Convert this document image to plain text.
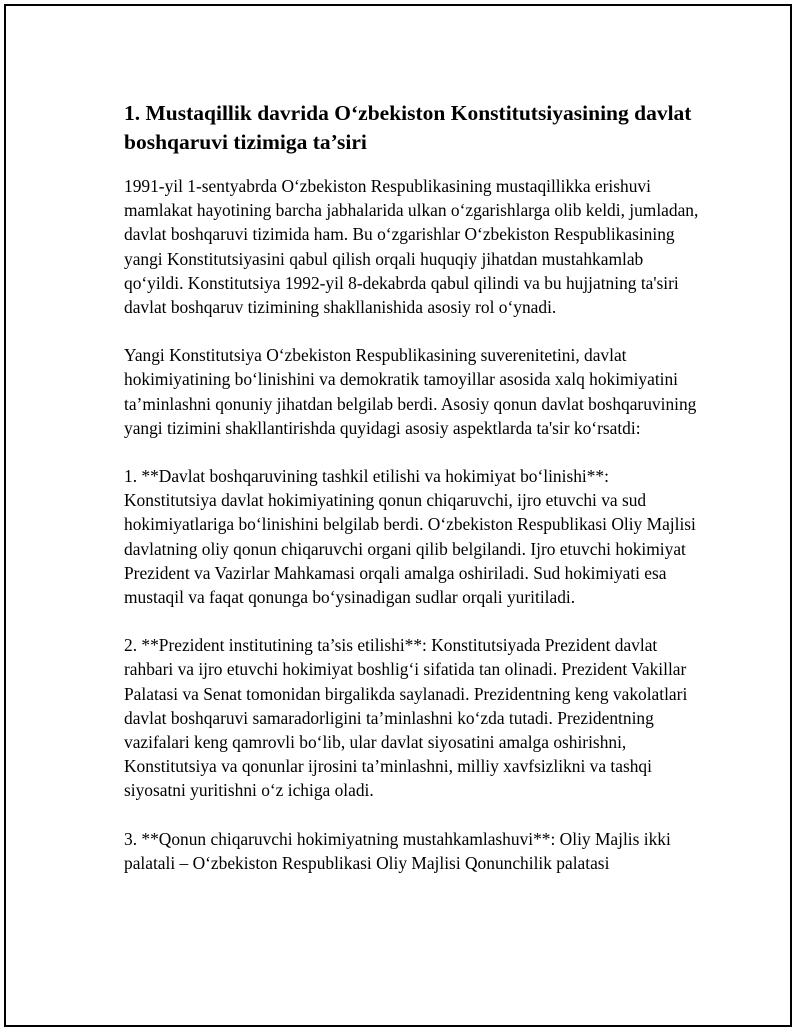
1. Mustaqillik davrida O‘zbekiston Konstitutsiyasining davlat boshqaruvi tizimiga ta’siri

1991-yil 1-sentyabrda O‘zbekiston Respublikasining mustaqillikka erishuvi mamlakat hayotining barcha jabhalarida ulkan o‘zgarishlarga olib keldi, jumladan, davlat boshqaruvi tizimida ham. Bu o‘zgarishlar O‘zbekiston Respublikasining yangi Konstitutsiyasini qabul qilish orqali huquqiy jihatdan mustahkamlab qo‘yildi. Konstitutsiya 1992-yil 8-dekabrda qabul qilindi va bu hujjatning ta'siri davlat boshqaruv tizimining shakllanishida asosiy rol o‘ynadi.

Yangi Konstitutsiya O‘zbekiston Respublikasining suverenitetini, davlat hokimiyatining bo‘linishini va demokratik tamoyillar asosida xalq hokimiyatini ta’minlashni qonuniy jihatdan belgilab berdi. Asosiy qonun davlat boshqaruvining yangi tizimini shakllantirishda quyidagi asosiy aspektlarda ta'sir ko‘rsatdi:

1. **Davlat boshqaruvining tashkil etilishi va hokimiyat bo‘linishi**: Konstitutsiya davlat hokimiyatining qonun chiqaruvchi, ijro etuvchi va sud hokimiyatlariga bo‘linishini belgilab berdi. O‘zbekiston Respublikasi Oliy Majlisi davlatning oliy qonun chiqaruvchi organi qilib belgilandi. Ijro etuvchi hokimiyat Prezident va Vazirlar Mahkamasi orqali amalga oshiriladi. Sud hokimiyati esa mustaqil va faqat qonunga bo‘ysinadigan sudlar orqali yuritiladi.

2. **Prezident institutining ta’sis etilishi**: Konstitutsiyada Prezident davlat rahbari va ijro etuvchi hokimiyat boshlig‘i sifatida tan olinadi. Prezident Vakillar Palatasi va Senat tomonidan birgalikda saylanadi. Prezidentning keng vakolatlari davlat boshqaruvi samaradorligini ta’minlashni ko‘zda tutadi. Prezidentning vazifalari keng qamrovli bo‘lib, ular davlat siyosatini amalga oshirishni, Konstitutsiya va qonunlar ijrosini ta’minlashni, milliy xavfsizlikni va tashqi siyosatni yuritishni o‘z ichiga oladi.

3. **Qonun chiqaruvchi hokimiyatning mustahkamlashuvi**: Oliy Majlis ikki palatali – O‘zbekiston Respublikasi Oliy Majlisi Qonunchilik palatasi
